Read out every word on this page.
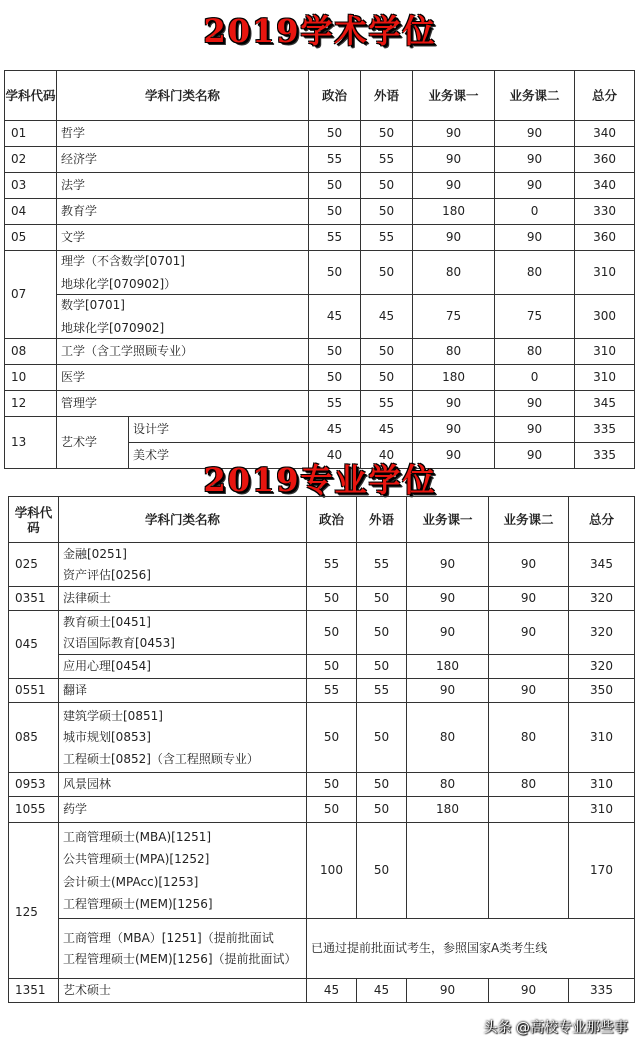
2019学术学位
学科代码	学科门类名称		政治	外语	业务课一	业务课二	总分
01	哲学		50	50	90	90	340
02	经济学		55	55	90	90	360
03	法学		50	50	90	90	340
04	教育学		50	50	180	0	330
05	文学		55	55	90	90	360
07	理学（不含数学[0701]
地球化学[070902]）		50	50	80	80	310

	数学[0701]
地球化学[070902]		45	45	75	75	300
08	工学（含工学照顾专业）		50	50	80	80	310
10	医学		50	50	180	0	310
12	管理学		55	55	90	90	345
13	艺术学	设计学	45	45	90	90	335
		美术学	40	40	90	90	335
2019专业学位
学科代码	学科门类名称	政治	外语	业务课一	业务课二	总分
025	金融[0251]
资产评估[0256]	55	55	90	90	345
0351	法律硕士	50	50	90	90	320
045	教育硕士[0451]
汉语国际教育[0453]	50	50	90	90	320
	应用心理[0454]	50	50	180		320
0551	翻译	55	55	90	90	350
085	建筑学硕士[0851]
城市规划[0853]
工程硕士[0852]（含工程照顾专业）	50	50	80	80	310
0953	风景园林	50	50	80	80	310
1055	药学	50	50	180		310
125	工商管理硕士(MBA)[1251]
公共管理硕士(MPA)[1252]
会计硕士(MPAcc)[1253]
工程管理硕士(MEM)[1256]	100	50			170

	工商管理（MBA）[1251]（提前批面试
工程管理硕士(MEM)[1256]（提前批面试）	已通过提前批面试考生，参照国家A类考生线				
1351	艺术硕士	45	45	90	90	335
头条 @高校专业那些事
